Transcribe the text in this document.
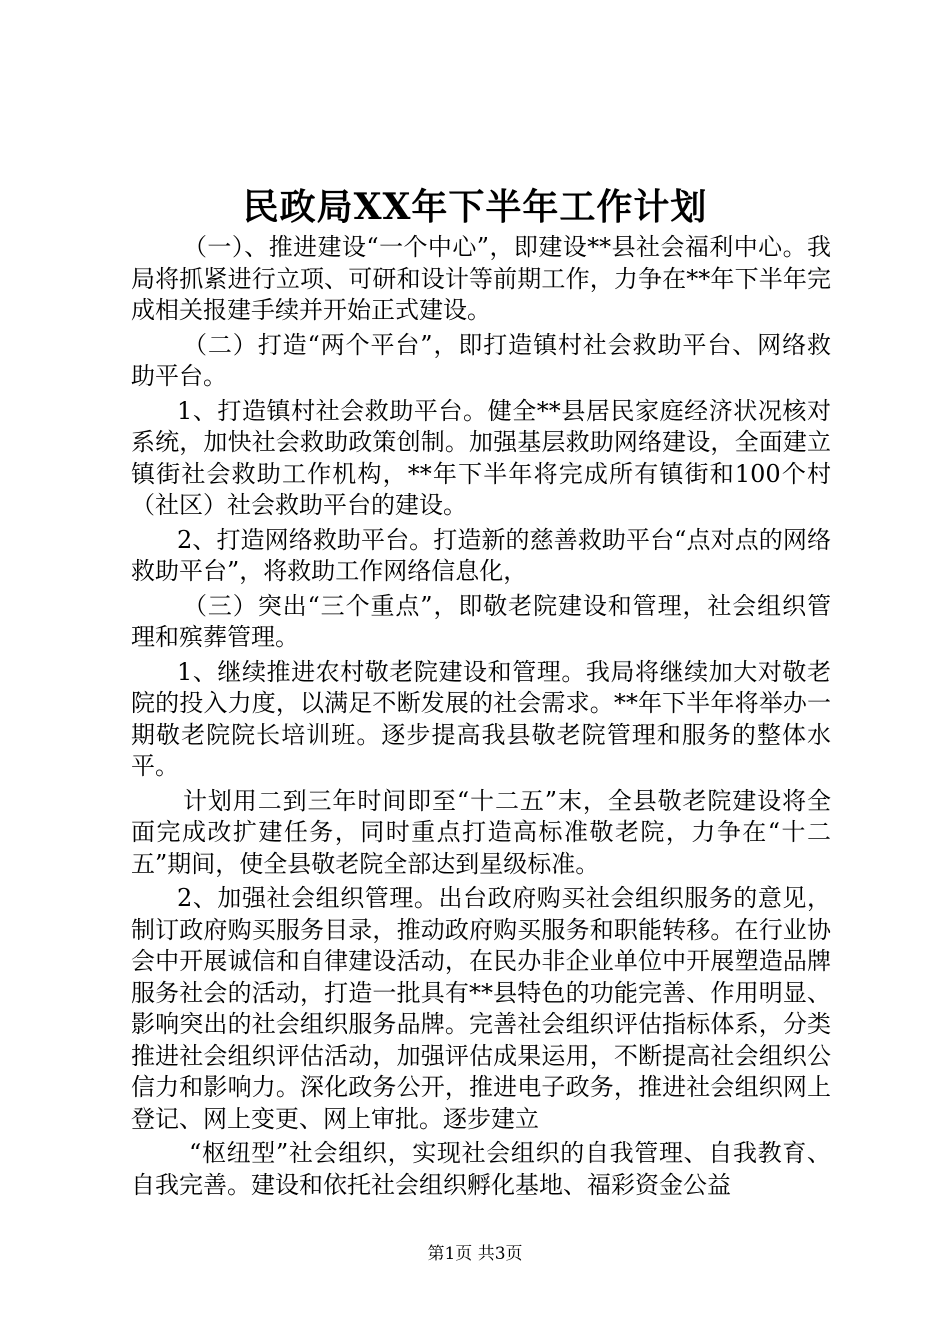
民政局XX年下半年工作计划

（一）、推进建设“一个中心”，即建设**县社会福利中心。我局将抓紧进行立项、可研和设计等前期工作，力争在**年下半年完成相关报建手续并开始正式建设。

（二）打造“两个平台”，即打造镇村社会救助平台、网络救助平台。

1、打造镇村社会救助平台。健全**县居民家庭经济状况核对系统，加快社会救助政策创制。加强基层救助网络建设，全面建立镇街社会救助工作机构，**年下半年将完成所有镇街和100个村（社区）社会救助平台的建设。

2、打造网络救助平台。打造新的慈善救助平台“点对点的网络救助平台”，将救助工作网络信息化，

（三）突出“三个重点”，即敬老院建设和管理，社会组织管理和殡葬管理。

1、继续推进农村敬老院建设和管理。我局将继续加大对敬老院的投入力度，以满足不断发展的社会需求。**年下半年将举办一期敬老院院长培训班。逐步提高我县敬老院管理和服务的整体水平。

计划用二到三年时间即至“十二五”末，全县敬老院建设将全面完成改扩建任务，同时重点打造高标准敬老院，力争在“十二五”期间，使全县敬老院全部达到星级标准。

2、加强社会组织管理。出台政府购买社会组织服务的意见，制订政府购买服务目录，推动政府购买服务和职能转移。在行业协会中开展诚信和自律建设活动，在民办非企业单位中开展塑造品牌服务社会的活动，打造一批具有**县特色的功能完善、作用明显、影响突出的社会组织服务品牌。完善社会组织评估指标体系，分类推进社会组织评估活动，加强评估成果运用，不断提高社会组织公信力和影响力。深化政务公开，推进电子政务，推进社会组织网上登记、网上变更、网上审批。逐步建立

“枢纽型”社会组织，实现社会组织的自我管理、自我教育、自我完善。建设和依托社会组织孵化基地、福彩资金公益

第1页 共3页
